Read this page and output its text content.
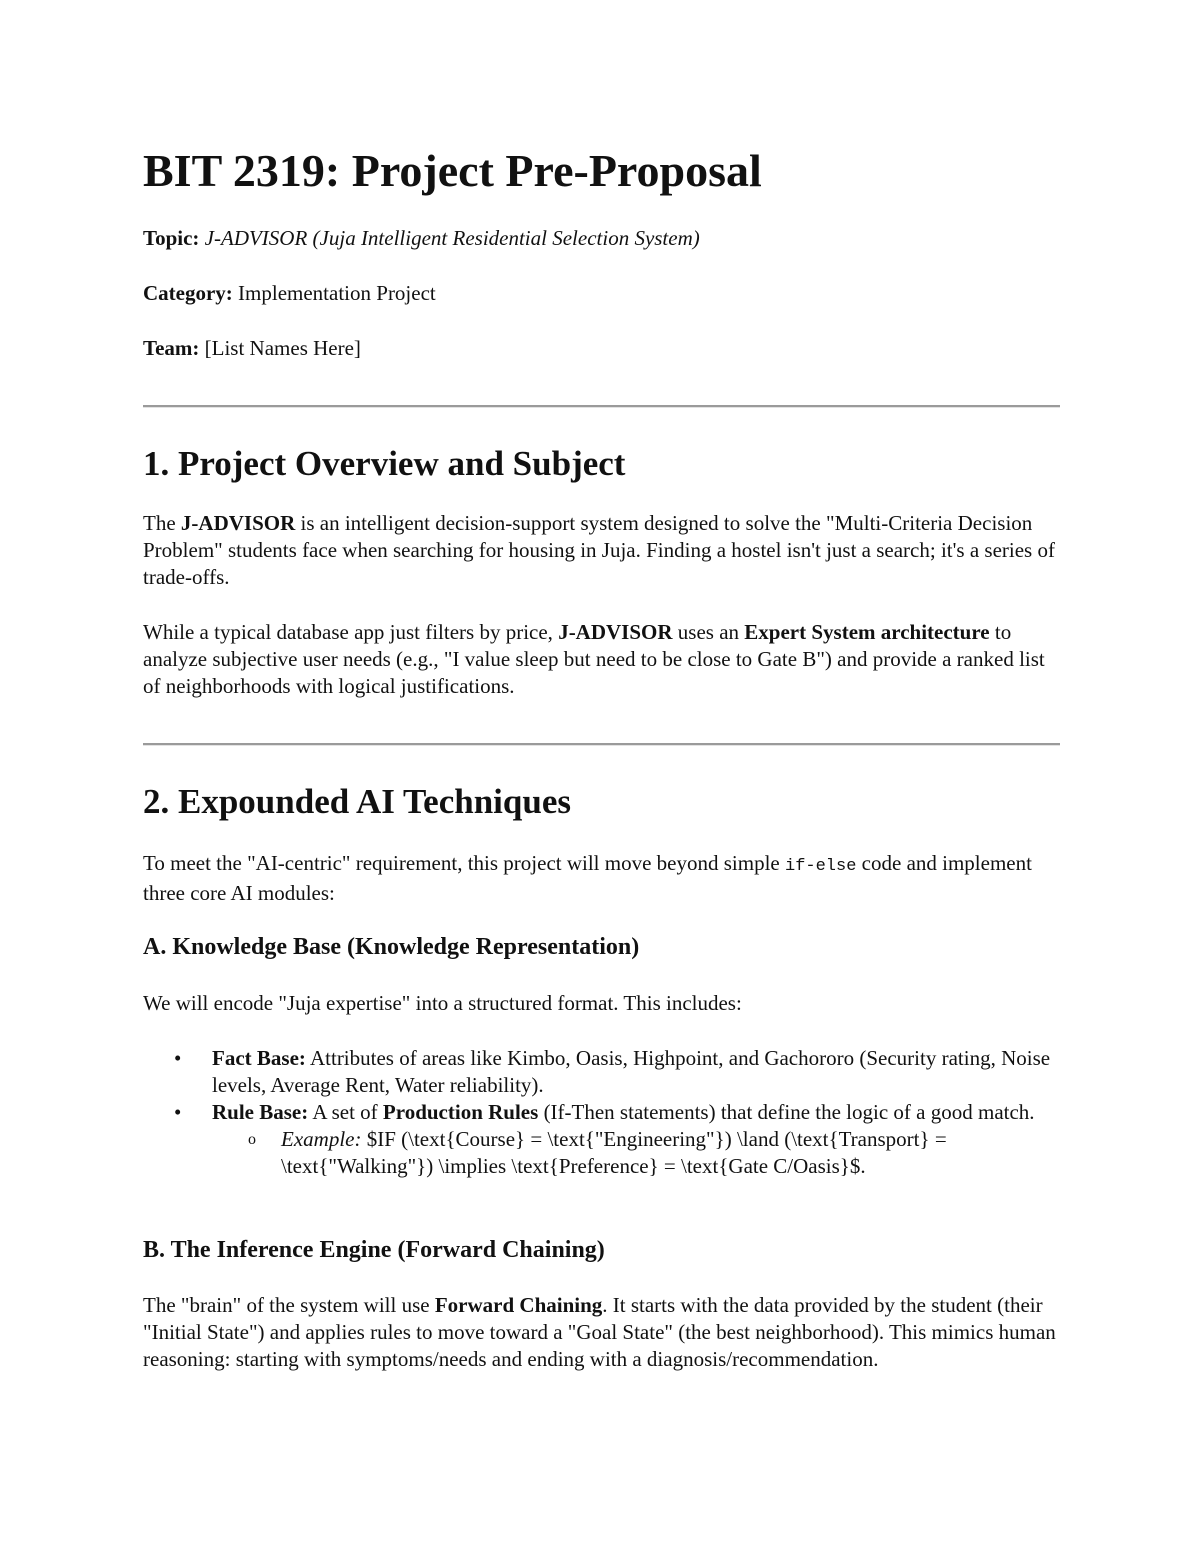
BIT 2319: Project Pre-Proposal

Topic: J-ADVISOR (Juja Intelligent Residential Selection System)

Category: Implementation Project

Team: [List Names Here]

1. Project Overview and Subject

The J-ADVISOR is an intelligent decision-support system designed to solve the "Multi-Criteria Decision Problem" students face when searching for housing in Juja. Finding a hostel isn't just a search; it's a series of trade-offs.

While a typical database app just filters by price, J-ADVISOR uses an Expert System architecture to analyze subjective user needs (e.g., "I value sleep but need to be close to Gate B") and provide a ranked list of neighborhoods with logical justifications.

2. Expounded AI Techniques

To meet the "AI-centric" requirement, this project will move beyond simple if-else code and implement three core AI modules:

A. Knowledge Base (Knowledge Representation)

We will encode "Juja expertise" into a structured format. This includes:

• Fact Base: Attributes of areas like Kimbo, Oasis, Highpoint, and Gachororo (Security rating, Noise levels, Average Rent, Water reliability).
• Rule Base: A set of Production Rules (If-Then statements) that define the logic of a good match.
o Example: $IF (\text{Course} = \text{"Engineering"}) \land (\text{Transport} = \text{"Walking"}) \implies \text{Preference} = \text{Gate C/Oasis}$.
B. The Inference Engine (Forward Chaining)

The "brain" of the system will use Forward Chaining. It starts with the data provided by the student (their "Initial State") and applies rules to move toward a "Goal State" (the best neighborhood). This mimics human reasoning: starting with symptoms/needs and ending with a diagnosis/recommendation.
